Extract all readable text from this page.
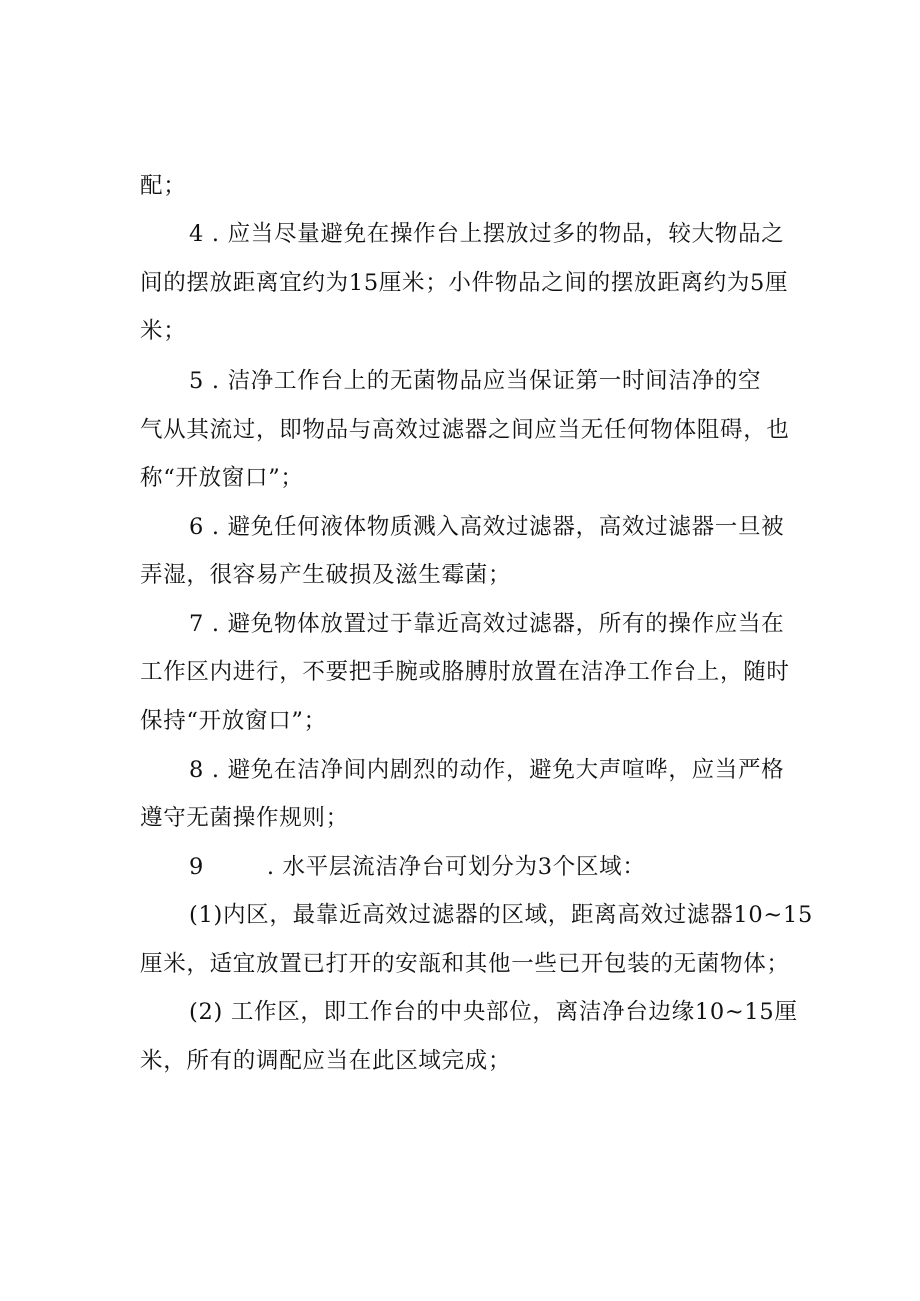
配；
4 . 应当尽量避免在操作台上摆放过多的物品，较大物品之
间的摆放距离宜约为15厘米；小件物品之间的摆放距离约为5厘
米；
5 . 洁净工作台上的无菌物品应当保证第一时间洁净的空
气从其流过，即物品与高效过滤器之间应当无任何物体阻碍，也
称“开放窗口”；
6 . 避免任何液体物质溅入高效过滤器，高效过滤器一旦被
弄湿，很容易产生破损及滋生霉菌；
7 . 避免物体放置过于靠近高效过滤器，所有的操作应当在
工作区内进行，不要把手腕或胳膊肘放置在洁净工作台上，随时
保持“开放窗口”；
8 . 避免在洁净间内剧烈的动作，避免大声喧哗，应当严格
遵守无菌操作规则；
9        . 水平层流洁净台可划分为3个区域：
(1)内区，最靠近高效过滤器的区域，距离高效过滤器10~15
厘米，适宜放置已打开的安瓿和其他一些已开包装的无菌物体；
(2) 工作区，即工作台的中央部位，离洁净台边缘10~15厘
米，所有的调配应当在此区域完成；
